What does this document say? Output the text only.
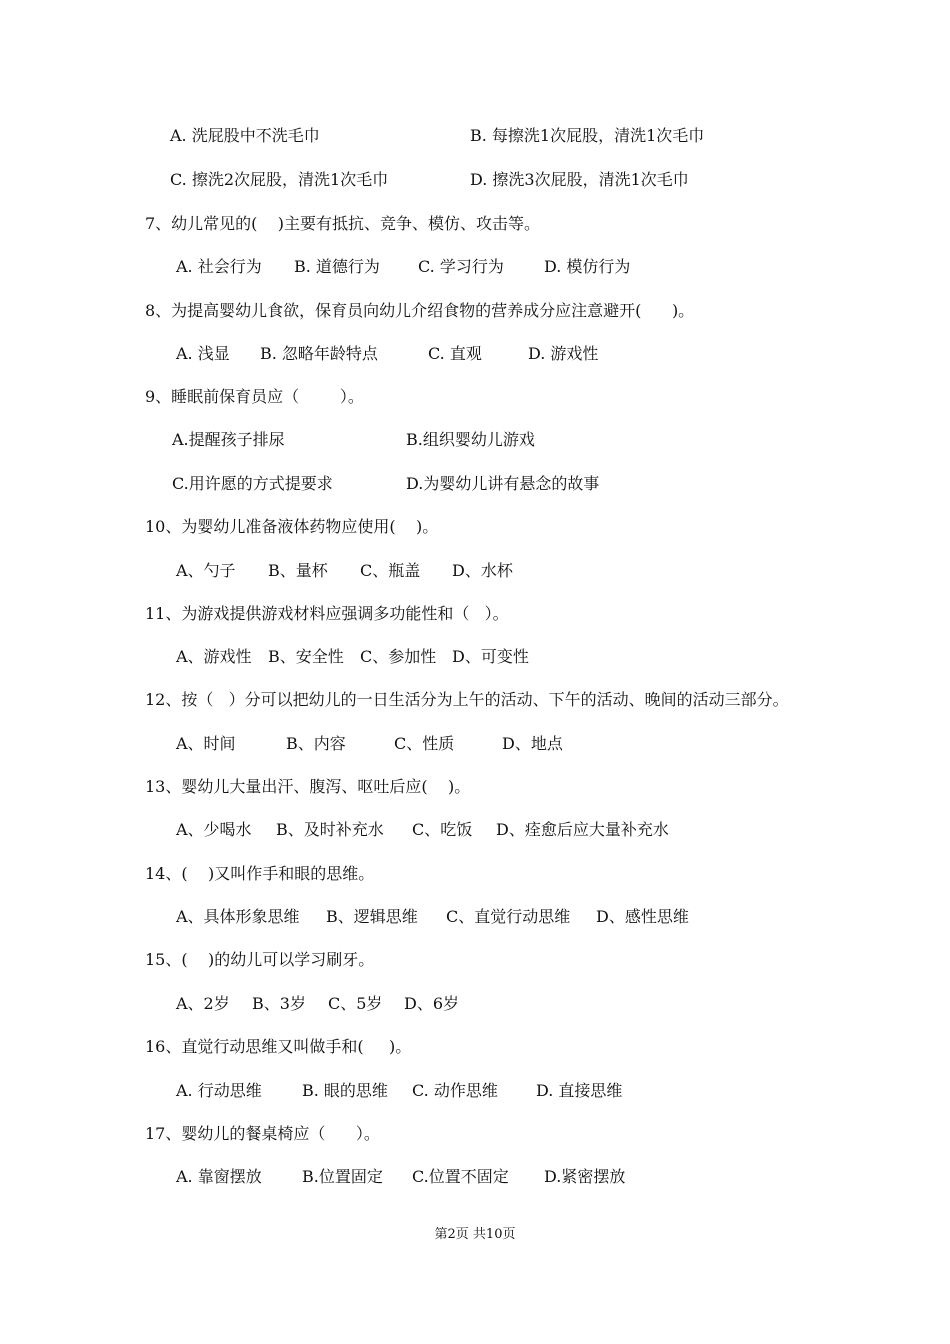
A. 洗屁股中不洗毛巾	B. 每擦洗1次屁股，清洗1次毛巾
C. 擦洗2次屁股，清洗1次毛巾	D. 擦洗3次屁股，清洗1次毛巾
7、幼儿常见的(    )主要有抵抗、竞争、模仿、攻击等。
A. 社会行为 B. 道德行为 C. 学习行为	D. 模仿行为
8、为提高婴幼儿食欲，保育员向幼儿介绍食物的营养成分应注意避开(      )。
A. 浅显 B. 忽略年龄特点	C. 直观	D. 游戏性
9、睡眠前保育员应（        ）。
A.提醒孩子排尿	B.组织婴幼儿游戏
C.用许愿的方式提要求	D.为婴幼儿讲有悬念的故事
10、为婴幼儿准备液体药物应使用(    )。
A、勺子 B、量杯 C、瓶盖 D、水杯
11、为游戏提供游戏材料应强调多功能性和（   ）。
A、游戏性 B、安全性 C、参加性 D、可变性
12、按（   ）分可以把幼儿的一日生活分为上午的活动、下午的活动、晚间的活动三部分。
A、时间	B、内容	C、性质	D、地点
13、婴幼儿大量出汗、腹泻、呕吐后应(    )。
A、少喝水 B、及时补充水 C、吃饭 D、痊愈后应大量补充水
14、(    )又叫作手和眼的思维。
A、具体形象思维 B、逻辑思维 C、直觉行动思维 D、感性思维
15、(    )的幼儿可以学习刷牙。
A、2岁 B、3岁 C、5岁 D、6岁
16、直觉行动思维又叫做手和(     )。
A. 行动思维	B. 眼的思维 C. 动作思维 D. 直接思维
17、婴幼儿的餐桌椅应（      ）。
A. 靠窗摆放	B.位置固定 C.位置不固定 D.紧密摆放
第2页 共10页
